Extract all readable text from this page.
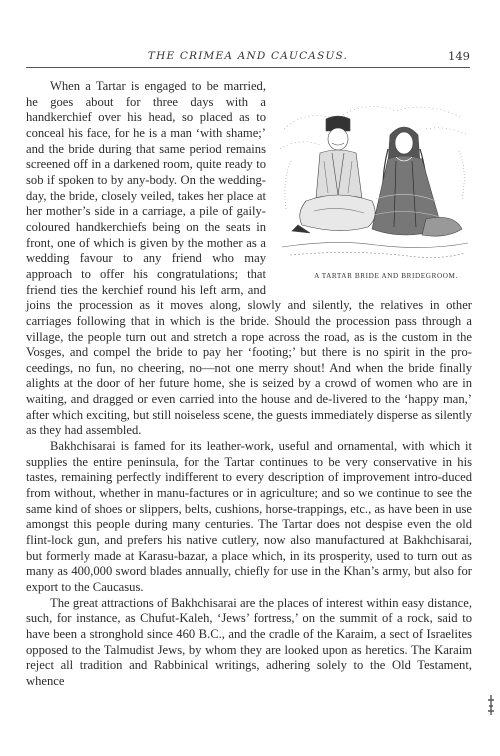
THE CRIMEA AND CAUCASUS.	149

A TARTAR BRIDE AND BRIDEGROOM.
When a Tartar is engaged to be married, he goes about for three days with a handkerchief over his head, so placed as to conceal his face, for he is a man ‘with shame;’ and the bride during that same period remains screened off in a darkened room, quite ready to sob if spoken to by any-body. On the wedding-day, the bride, closely veiled, takes her place at her mother’s side in a carriage, a pile of gaily-coloured handkerchiefs being on the seats in front, one of which is given by the mother as a wedding favour to any friend who may approach to offer his congratulations; that friend ties the kerchief round his left arm, and joins the procession as it moves along, slowly and silently, the relatives in other carriages following that in which is the bride. Should the procession pass through a village, the people turn out and stretch a rope across the road, as is the custom in the Vosges, and compel the bride to pay her ‘footing;’ but there is no spirit in the pro-ceedings, no fun, no cheering, no—not one merry shout! And when the bride finally alights at the door of her future home, she is seized by a crowd of women who are in waiting, and dragged or even carried into the house and de-livered to the ‘happy man,’ after which exciting, but still noiseless scene, the guests immediately disperse as silently as they had assembled.

Bakhchisarai is famed for its leather-work, useful and ornamental, with which it supplies the entire peninsula, for the Tartar continues to be very conservative in his tastes, remaining perfectly indifferent to every description of improvement intro-duced from without, whether in manu-factures or in agriculture; and so we continue to see the same kind of shoes or slippers, belts, cushions, horse-trappings, etc., as have been in use amongst this people during many centuries. The Tartar does not despise even the old flint-lock gun, and prefers his native cutlery, now also manufactured at Bakhchisarai, but formerly made at Karasu-bazar, a place which, in its prosperity, used to turn out as many as 400,000 sword blades annually, chiefly for use in the Khan’s army, but also for export to the Caucasus.

The great attractions of Bakhchisarai are the places of interest within easy distance, such, for instance, as Chufut-Kaleh, ‘Jews’ fortress,’ on the summit of a rock, said to have been a stronghold since 460 B.C., and the cradle of the Karaim, a sect of Israelites opposed to the Talmudist Jews, by whom they are looked upon as heretics. The Karaim reject all tradition and Rabbinical writings, adhering solely to the Old Testament, whence
